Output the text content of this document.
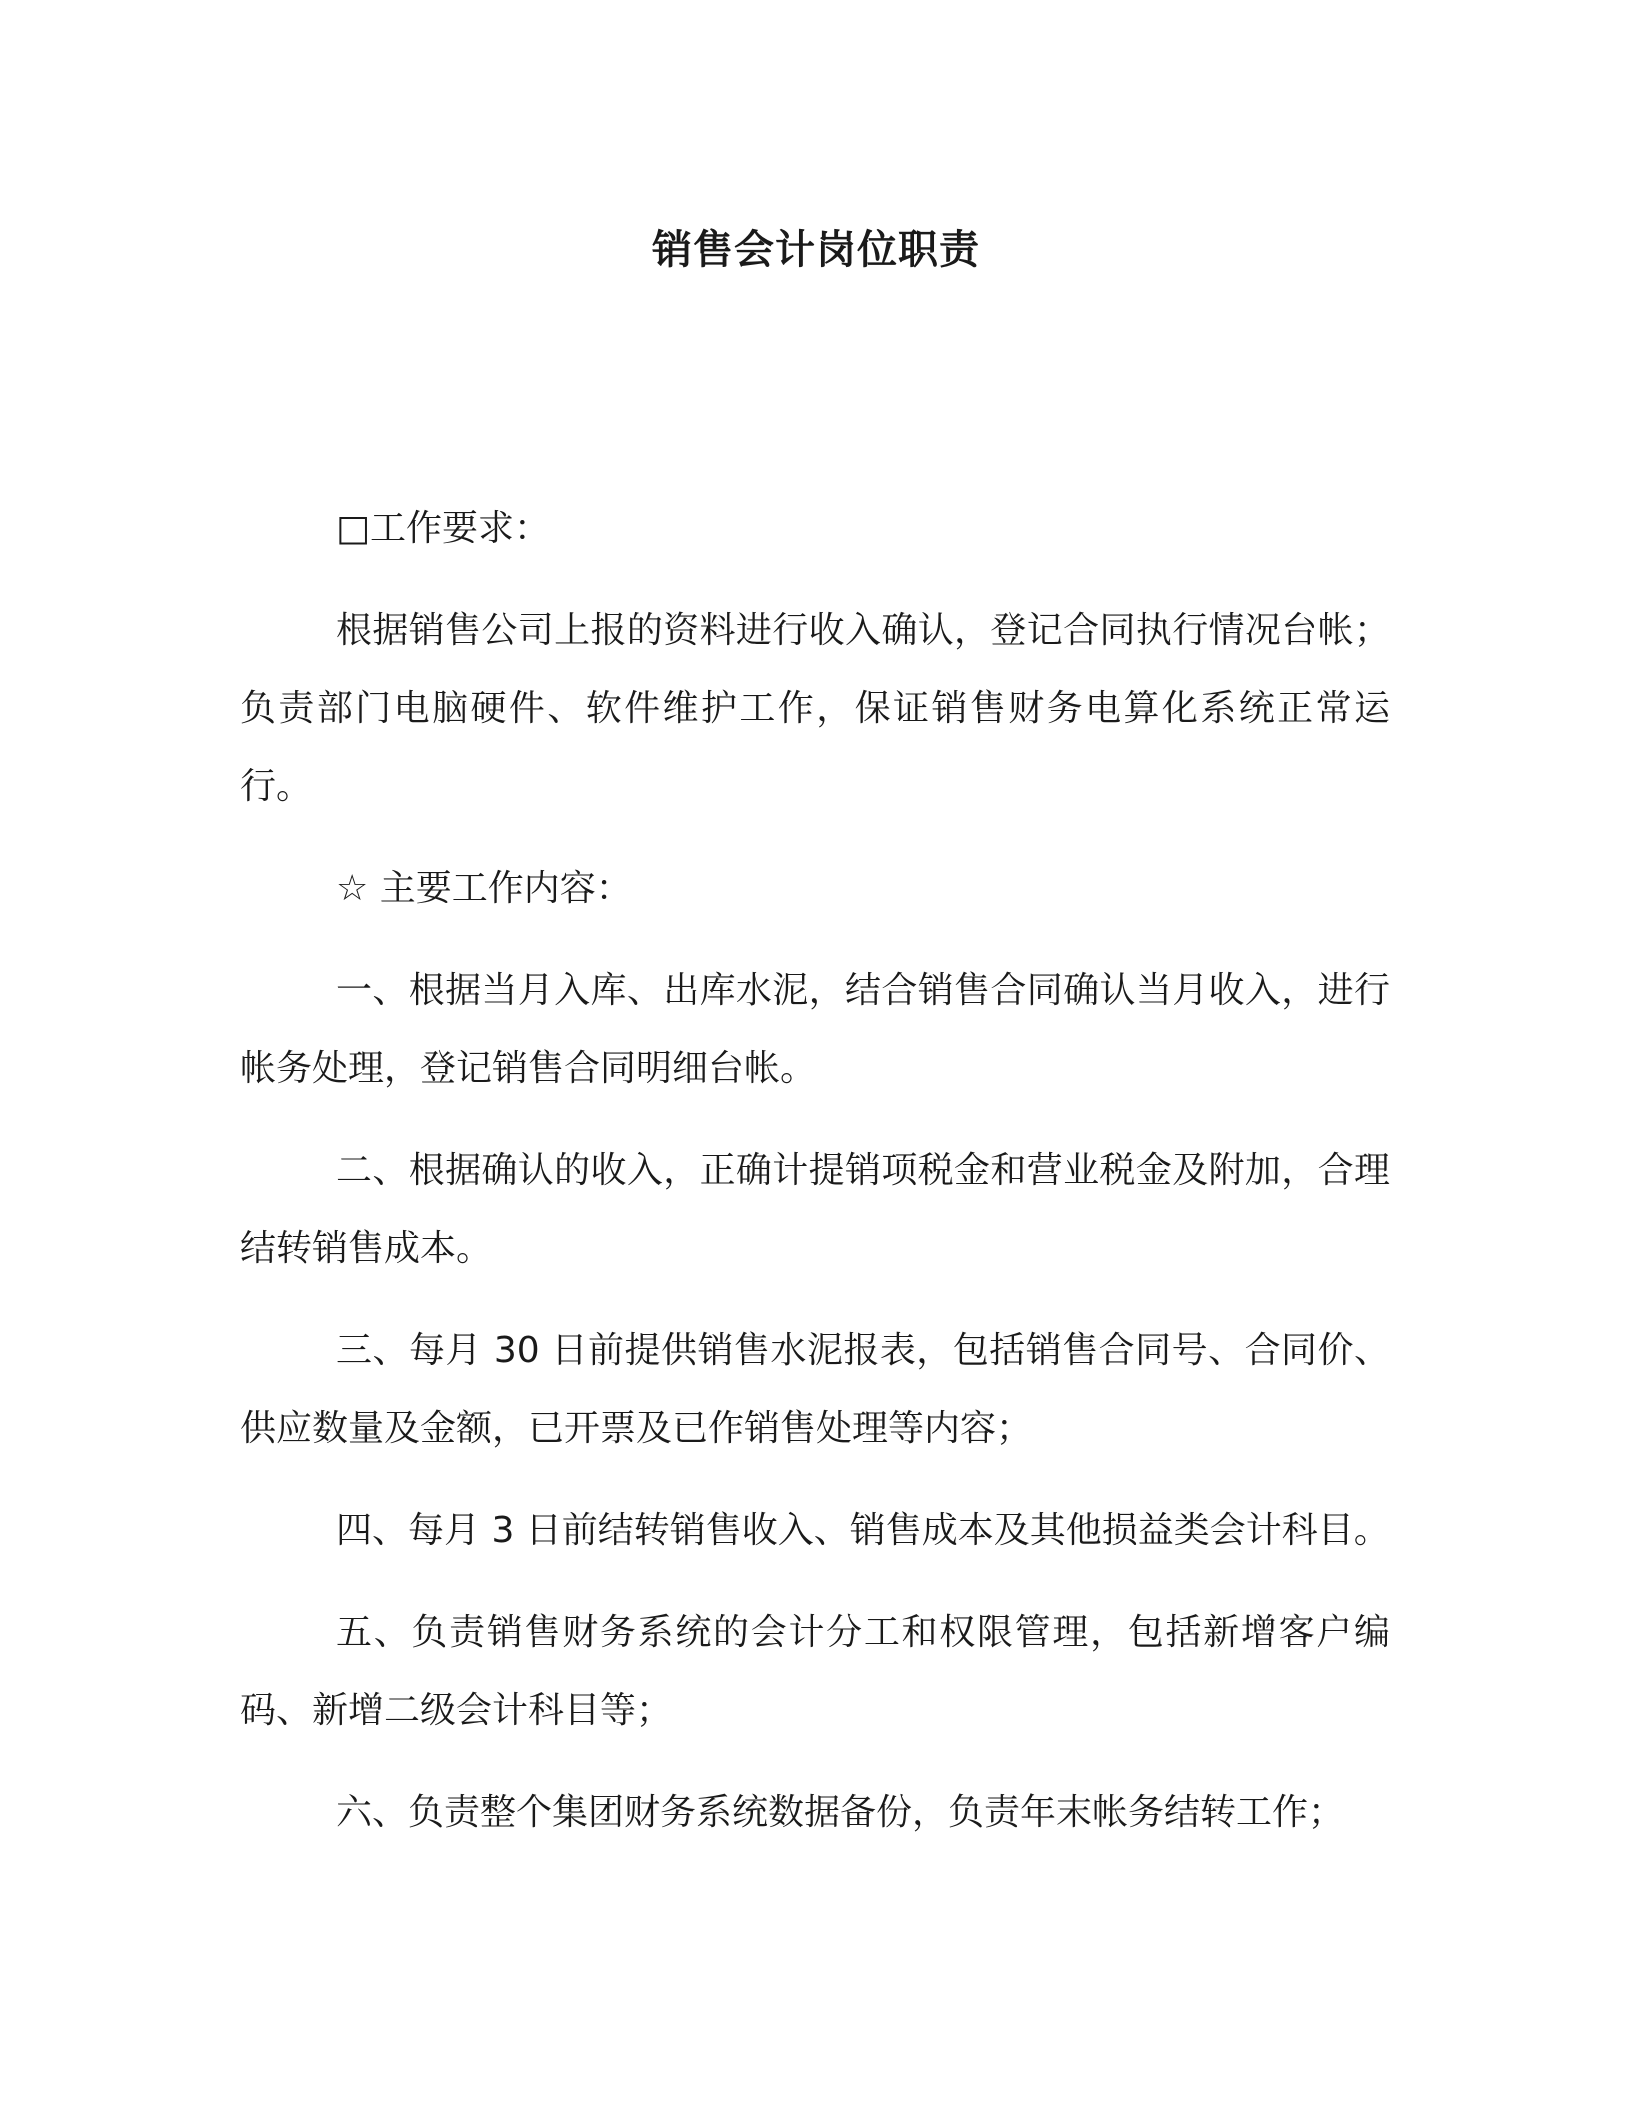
销售会计岗位职责

□工作要求：

根据销售公司上报的资料进行收入确认，登记合同执行情况台帐；负责部门电脑硬件、软件维护工作，保证销售财务电算化系统正常运行。

☆ 主要工作内容：

一、根据当月入库、出库水泥，结合销售合同确认当月收入，进行帐务处理，登记销售合同明细台帐。

二、根据确认的收入，正确计提销项税金和营业税金及附加，合理结转销售成本。

三、每月 30 日前提供销售水泥报表，包括销售合同号、合同价、供应数量及金额，已开票及已作销售处理等内容；

四、每月 3 日前结转销售收入、销售成本及其他损益类会计科目。

五、负责销售财务系统的会计分工和权限管理，包括新增客户编码、新增二级会计科目等；

六、负责整个集团财务系统数据备份，负责年末帐务结转工作；
